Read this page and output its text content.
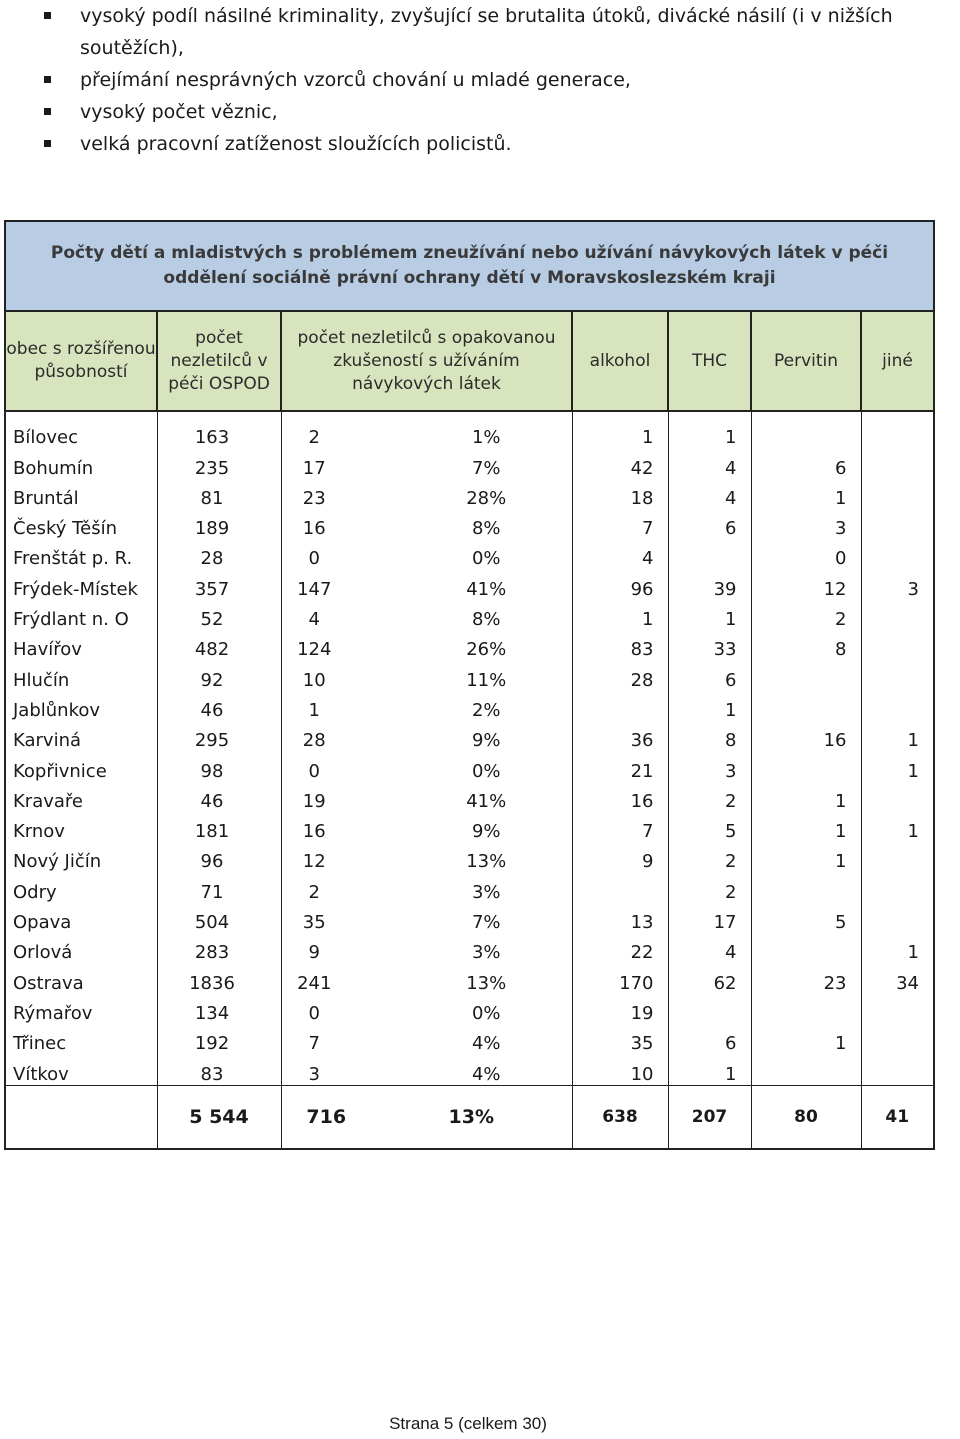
vysoký podíl násilné kriminality, zvyšující se brutalita útoků, divácké násilí (i v nižších soutěžích),
přejímání nesprávných vzorců chování u mladé generace,
vysoký počet věznic,
velká pracovní zatíženost sloužících policistů.
Počty dětí a mladistvých s problémem zneužívání nebo užívání návykových látek v péči oddělení sociálně právní ochrany dětí v Moravskoslezském kraji							
obec s rozšířenou působností	počet nezletilců v péči OSPOD	počet nezletilců s opakovanou zkušeností s užíváním návykových látek		alkohol	THC	Pervitin	jiné
Bílovec	163	2	1%	1	1		
Bohumín	235	17	7%	42	4	6	
Bruntál	81	23	28%	18	4	1	
Český Těšín	189	16	8%	7	6	3	
Frenštát p. R.	28	0	0%	4		0	
Frýdek-Místek	357	147	41%	96	39	12	3
Frýdlant n. O	52	4	8%	1	1	2	
Havířov	482	124	26%	83	33	8	
Hlučín	92	10	11%	28	6		
Jablůnkov	46	1	2%		1		
Karviná	295	28	9%	36	8	16	1
Kopřivnice	98	0	0%	21	3		1
Kravaře	46	19	41%	16	2	1	
Krnov	181	16	9%	7	5	1	1
Nový Jičín	96	12	13%	9	2	1	
Odry	71	2	3%		2		
Opava	504	35	7%	13	17	5	
Orlová	283	9	3%	22	4		1
Ostrava	1836	241	13%	170	62	23	34
Rýmařov	134	0	0%	19			
Třinec	192	7	4%	35	6	1	
Vítkov	83	3	4%	10	1		
	5 544	716	13%	638	207	80	41
Strana 5 (celkem 30)
